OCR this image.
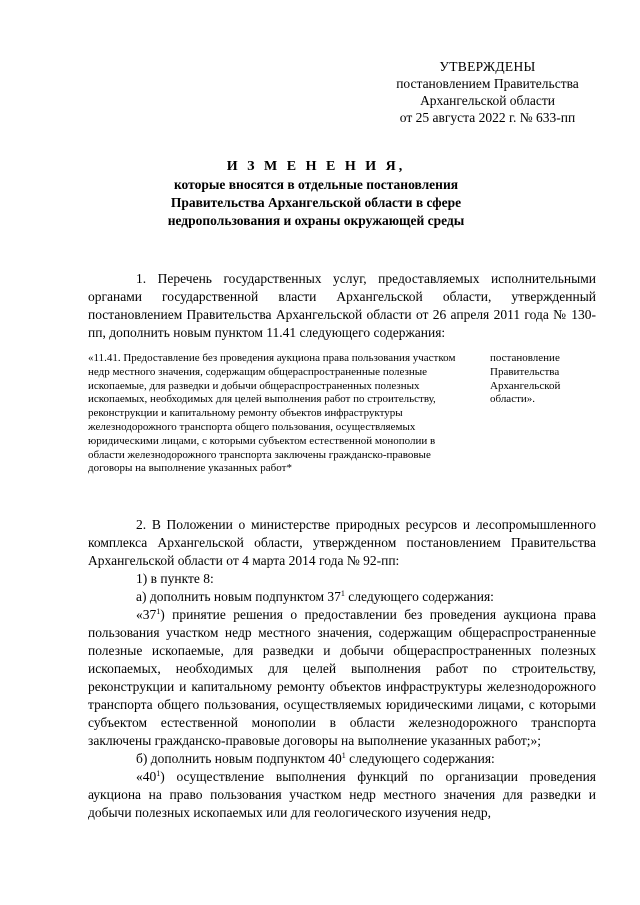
УТВЕРЖДЕНЫ
постановлением Правительства
Архангельской области
от 25 августа 2022 г. № 633-пп
И З М Е Н Е Н И Я,
которые вносятся в отдельные постановления
Правительства Архангельской области в сфере
недропользования и охраны окружающей среды
1. Перечень государственных услуг, предоставляемых исполнительными органами государственной власти Архангельской области, утвержденный постановлением Правительства Архангельской области от 26 апреля 2011 года № 130-пп, дополнить новым пунктом 11.41 следующего содержания:
«11.41. Предоставление без проведения аукциона права пользования участком недр местного значения, содержащим общераспространенные полезные ископаемые, для разведки и добычи общераспространенных полезных ископаемых, необходимых для целей выполнения работ по строительству, реконструкции и капитальному ремонту объектов инфраструктуры железнодорожного транспорта общего пользования, осуществляемых юридическими лицами, с которыми субъектом естественной монополии в области железнодорожного транспорта заключены гражданско-правовые договоры на выполнение указанных работ*
постановление Правительства Архангельской области».

2. В Положении о министерстве природных ресурсов и лесопромышленного комплекса Архангельской области, утвержденном постановлением Правительства Архангельской области от 4 марта 2014 года № 92-пп:

1) в пункте 8:

а) дополнить новым подпунктом $37^1$ следующего содержания:

«$37^1$) принятие решения о предоставлении без проведения аукциона права пользования участком недр местного значения, содержащим общераспространенные полезные ископаемые, для разведки и добычи общераспространенных полезных ископаемых, необходимых для целей выполнения работ по строительству, реконструкции и капитальному ремонту объектов инфраструктуры железнодорожного транспорта общего пользования, осуществляемых юридическими лицами, с которыми субъектом естественной монополии в области железнодорожного транспорта заключены гражданско-правовые договоры на выполнение указанных работ;»;

б) дополнить новым подпунктом $40^1$ следующего содержания:

«$40^1$) осуществление выполнения функций по организации проведения аукциона на право пользования участком недр местного значения для разведки и добычи полезных ископаемых или для геологического изучения недр,
